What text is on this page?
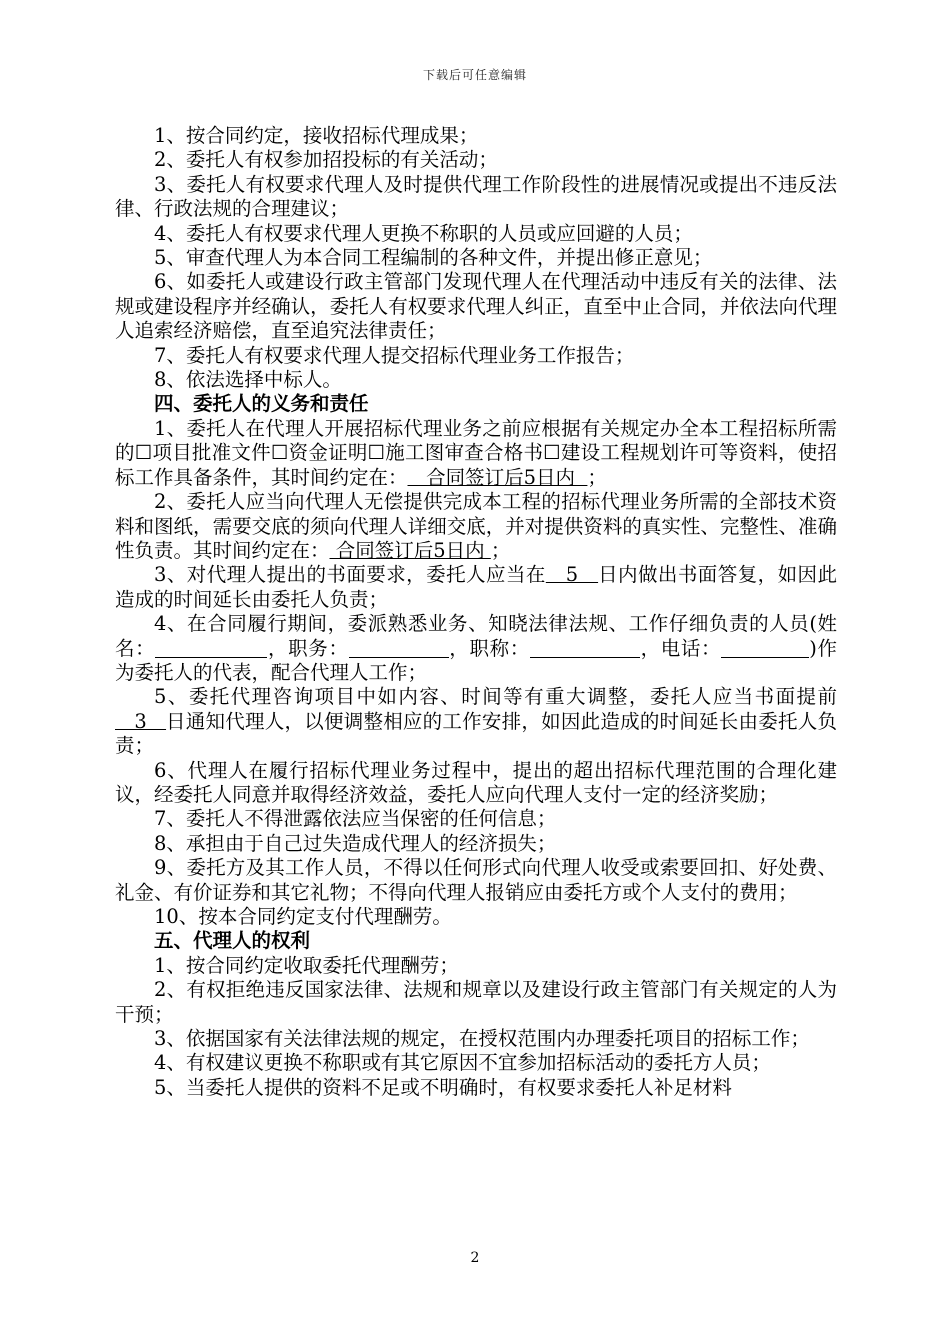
下载后可任意编辑

1、按合同约定，接收招标代理成果；

2、委托人有权参加招投标的有关活动；

3、委托人有权要求代理人及时提供代理工作阶段性的进展情况或提出不违反法律、行政法规的合理建议；

4、委托人有权要求代理人更换不称职的人员或应回避的人员；

5、审查代理人为本合同工程编制的各种文件，并提出修正意见；

6、如委托人或建设行政主管部门发现代理人在代理活动中违反有关的法律、法规或建设程序并经确认，委托人有权要求代理人纠正，直至中止合同，并依法向代理人追索经济赔偿，直至追究法律责任；

7、委托人有权要求代理人提交招标代理业务工作报告；

8、依法选择中标人。

四、委托人的义务和责任

1、委托人在代理人开展招标代理业务之前应根据有关规定办全本工程招标所需的☐项目批准文件☐资金证明☐施工图审查合格书☐建设工程规划许可等资料，使招标工作具备条件，其时间约定在：   合同签订后5日内  ；

2、委托人应当向代理人无偿提供完成本工程的招标代理业务所需的全部技术资料和图纸，需要交底的须向代理人详细交底，并对提供资料的真实性、完整性、准确性负责。其时间约定在： 合同签订后5日内 ；

3、对代理人提出的书面要求，委托人应当在   5   日内做出书面答复，如因此造成的时间延长由委托人负责；

4、在合同履行期间，委派熟悉业务、知晓法律法规、工作仔细负责的人员(姓名：	，职务：	，职称：	，电话：	)作为委托人的代表，配合代理人工作；

5、委托代理咨询项目中如内容、时间等有重大调整，委托人应当书面提前   3   日通知代理人，以便调整相应的工作安排，如因此造成的时间延长由委托人负责；

6、代理人在履行招标代理业务过程中，提出的超出招标代理范围的合理化建议，经委托人同意并取得经济效益，委托人应向代理人支付一定的经济奖励；

7、委托人不得泄露依法应当保密的任何信息；

8、承担由于自己过失造成代理人的经济损失；

9、委托方及其工作人员，不得以任何形式向代理人收受或索要回扣、好处费、礼金、有价证券和其它礼物；不得向代理人报销应由委托方或个人支付的费用；

10、按本合同约定支付代理酬劳。

五、代理人的权利

1、按合同约定收取委托代理酬劳；

2、有权拒绝违反国家法律、法规和规章以及建设行政主管部门有关规定的人为干预；

3、依据国家有关法律法规的规定，在授权范围内办理委托项目的招标工作；

4、有权建议更换不称职或有其它原因不宜参加招标活动的委托方人员；

5、当委托人提供的资料不足或不明确时，有权要求委托人补足材料

2
